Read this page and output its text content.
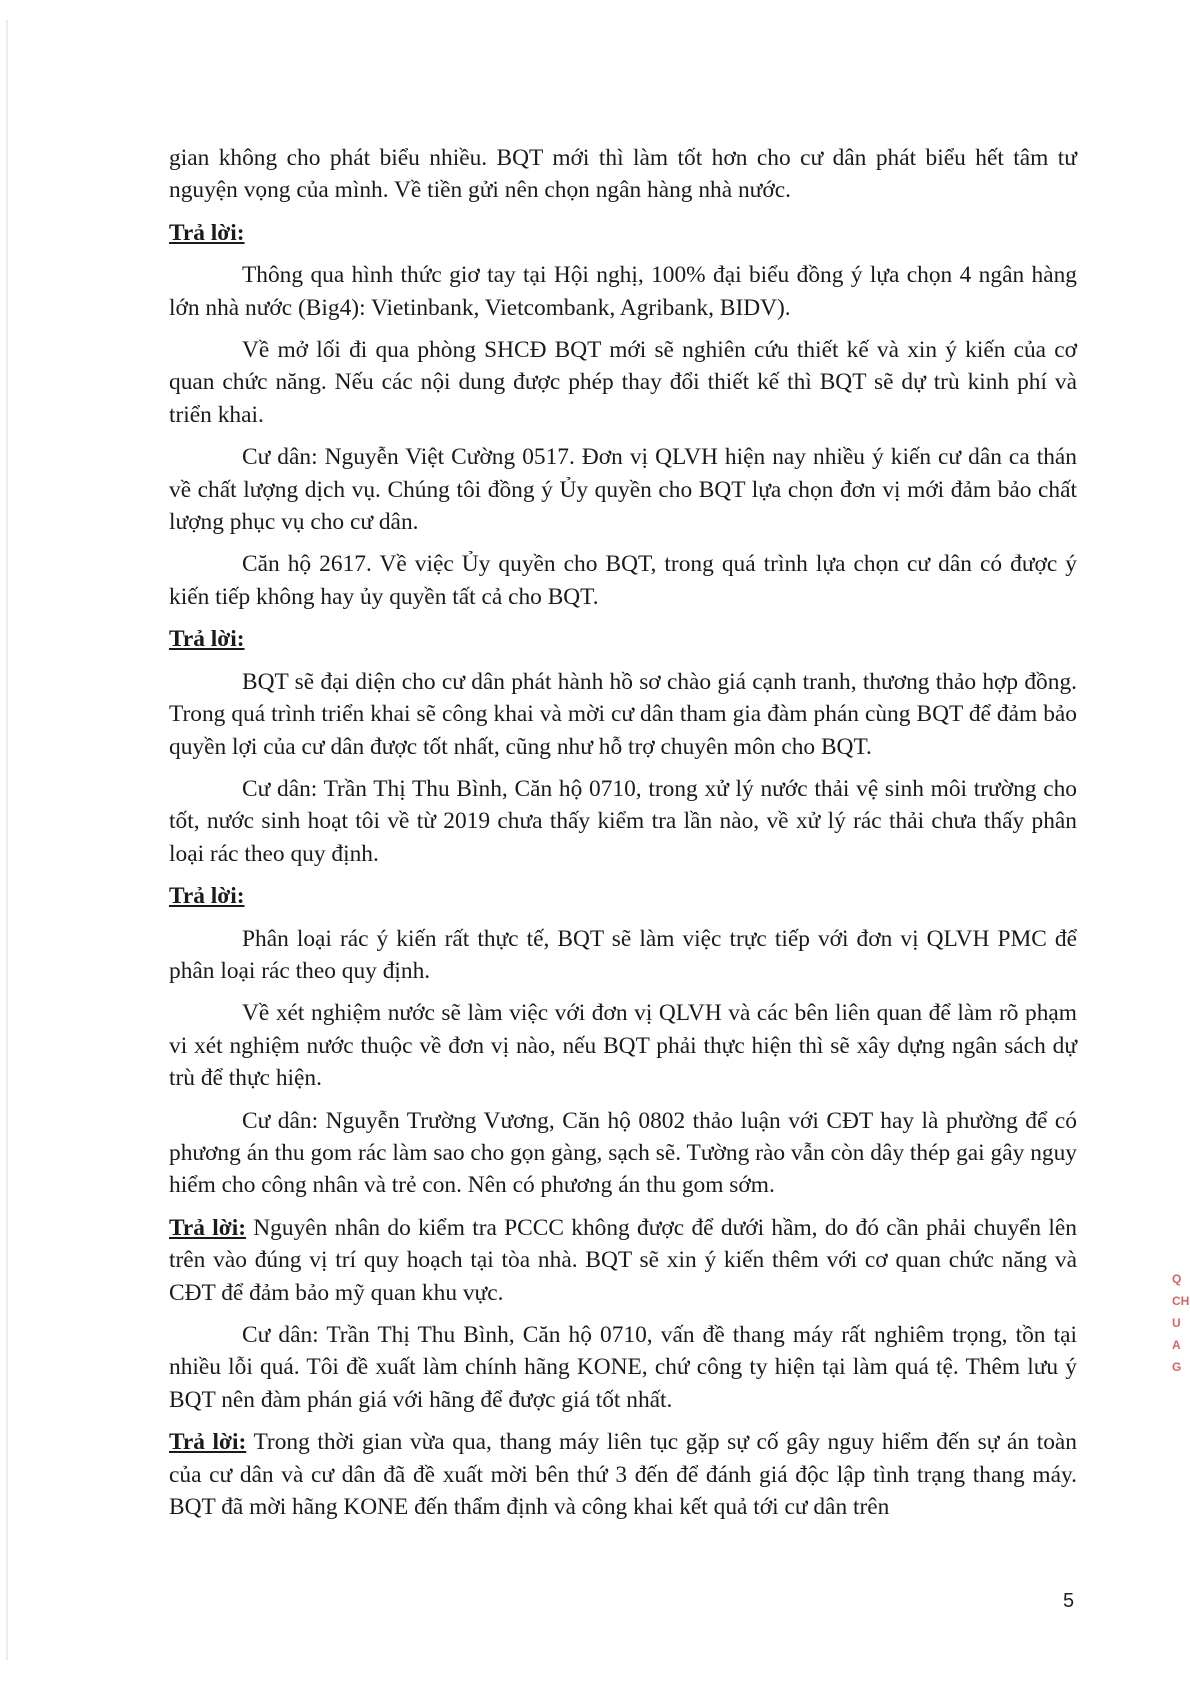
gian không cho phát biểu nhiều. BQT mới thì làm tốt hơn cho cư dân phát biểu hết tâm tư nguyện vọng của mình. Về tiền gửi nên chọn ngân hàng nhà nước.

Trả lời:

Thông qua hình thức giơ tay tại Hội nghị, 100% đại biểu đồng ý lựa chọn 4 ngân hàng lớn nhà nước (Big4): Vietinbank, Vietcombank, Agribank, BIDV).

Về mở lối đi qua phòng SHCĐ BQT mới sẽ nghiên cứu thiết kế và xin ý kiến của cơ quan chức năng. Nếu các nội dung được phép thay đổi thiết kế thì BQT sẽ dự trù kinh phí và triển khai.

Cư dân: Nguyễn Việt Cường 0517. Đơn vị QLVH hiện nay nhiều ý kiến cư dân ca thán về chất lượng dịch vụ. Chúng tôi đồng ý Ủy quyền cho BQT lựa chọn đơn vị mới đảm bảo chất lượng phục vụ cho cư dân.

Căn hộ 2617. Về việc Ủy quyền cho BQT, trong quá trình lựa chọn cư dân có được ý kiến tiếp không hay ủy quyền tất cả cho BQT.

Trả lời:

BQT sẽ đại diện cho cư dân phát hành hồ sơ chào giá cạnh tranh, thương thảo hợp đồng. Trong quá trình triển khai sẽ công khai và mời cư dân tham gia đàm phán cùng BQT để đảm bảo quyền lợi của cư dân được tốt nhất, cũng như hỗ trợ chuyên môn cho BQT.

Cư dân: Trần Thị Thu Bình, Căn hộ 0710, trong xử lý nước thải vệ sinh môi trường cho tốt, nước sinh hoạt tôi về từ 2019 chưa thấy kiểm tra lần nào, về xử lý rác thải chưa thấy phân loại rác theo quy định.

Trả lời:

Phân loại rác ý kiến rất thực tế, BQT sẽ làm việc trực tiếp với đơn vị QLVH PMC để phân loại rác theo quy định.

Về xét nghiệm nước sẽ làm việc với đơn vị QLVH và các bên liên quan để làm rõ phạm vi xét nghiệm nước thuộc về đơn vị nào, nếu BQT phải thực hiện thì sẽ xây dựng ngân sách dự trù để thực hiện.

Cư dân: Nguyễn Trường Vương, Căn hộ 0802 thảo luận với CĐT hay là phường để có phương án thu gom rác làm sao cho gọn gàng, sạch sẽ. Tường rào vẫn còn dây thép gai gây nguy hiểm cho công nhân và trẻ con. Nên có phương án thu gom sớm.

Trả lời: Nguyên nhân do kiểm tra PCCC không được để dưới hầm, do đó cần phải chuyển lên trên vào đúng vị trí quy hoạch tại tòa nhà. BQT sẽ xin ý kiến thêm với cơ quan chức năng và CĐT để đảm bảo mỹ quan khu vực.

Cư dân: Trần Thị Thu Bình, Căn hộ 0710, vấn đề thang máy rất nghiêm trọng, tồn tại nhiều lỗi quá. Tôi đề xuất làm chính hãng KONE, chứ công ty hiện tại làm quá tệ. Thêm lưu ý BQT nên đàm phán giá với hãng để được giá tốt nhất.

Trả lời: Trong thời gian vừa qua, thang máy liên tục gặp sự cố gây nguy hiểm đến sự án toàn của cư dân và cư dân đã đề xuất mời bên thứ 3 đến để đánh giá độc lập tình trạng thang máy. BQT đã mời hãng KONE đến thẩm định và công khai kết quả tới cư dân trên

Q
CH
U
A
G
5
